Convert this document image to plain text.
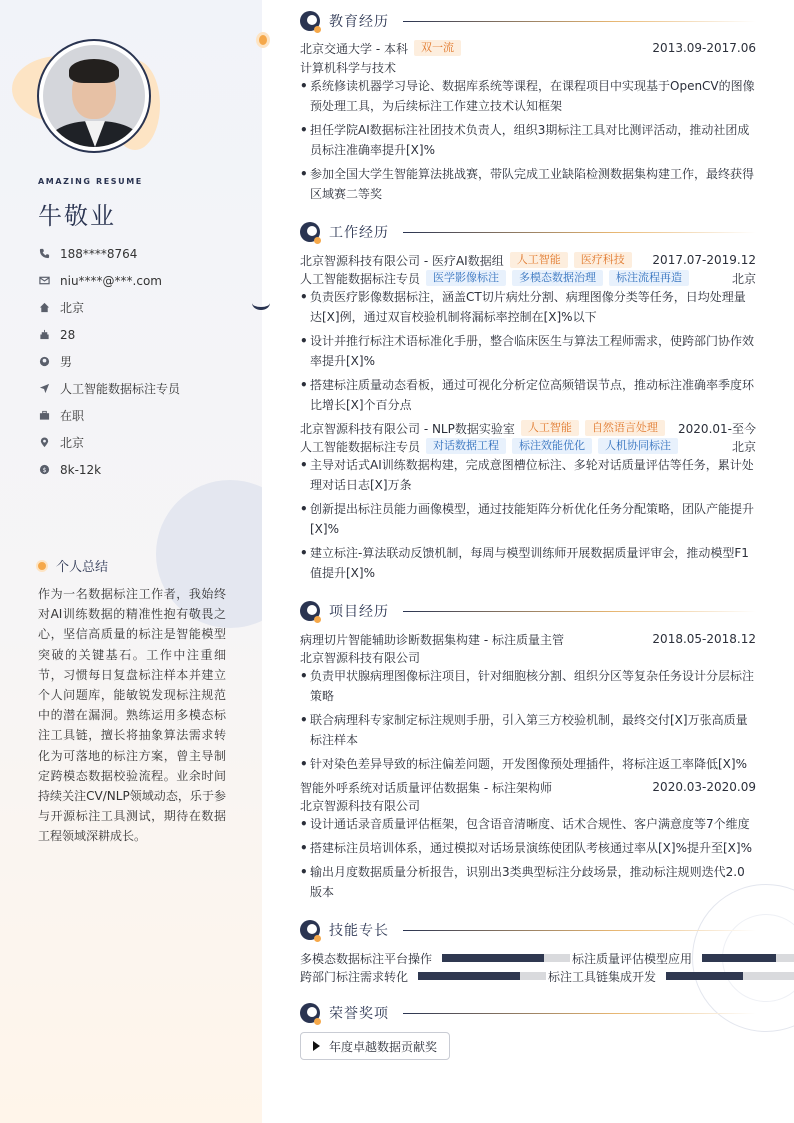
AMAZING RESUME
牛敬业
188****8764
niu****@***.com
北京
28
男
人工智能数据标注专员
在职
北京
$ 8k-12k
个人总结
作为一名数据标注工作者，我始终对AI训练数据的精准性抱有敬畏之心，坚信高质量的标注是智能模型突破的关键基石。工作中注重细节，习惯每日复盘标注样本并建立个人问题库，能敏锐发现标注规范中的潜在漏洞。熟练运用多模态标注工具链，擅长将抽象算法需求转化为可落地的标注方案，曾主导制定跨模态数据校验流程。业余时间持续关注CV/NLP领域动态，乐于参与开源标注工具测试，期待在数据工程领域深耕成长。
教育经历
北京交通大学 - 本科	双一流	2013.09-2017.06
计算机科学与技术
• 系统修读机器学习导论、数据库系统等课程，在课程项目中实现基于OpenCV的图像预处理工具，为后续标注工作建立技术认知框架
• 担任学院AI数据标注社团技术负责人，组织3期标注工具对比测评活动，推动社团成员标注准确率提升[X]%
• 参加全国大学生智能算法挑战赛，带队完成工业缺陷检测数据集构建工作，最终获得区域赛二等奖
工作经历
北京智源科技有限公司 - 医疗AI数据组	人工智能	医疗科技	2017.07-2019.12
人工智能数据标注专员	医学影像标注	多模态数据治理	标注流程再造	北京
• 负责医疗影像数据标注，涵盖CT切片病灶分割、病理图像分类等任务，日均处理量达[X]例，通过双盲校验机制将漏标率控制在[X]%以下
• 设计并推行标注术语标准化手册，整合临床医生与算法工程师需求，使跨部门协作效率提升[X]%
• 搭建标注质量动态看板，通过可视化分析定位高频错误节点，推动标注准确率季度环比增长[X]个百分点
北京智源科技有限公司 - NLP数据实验室	人工智能	自然语言处理	2020.01-至今
人工智能数据标注专员	对话数据工程	标注效能优化	人机协同标注	北京
• 主导对话式AI训练数据构建，完成意图槽位标注、多轮对话质量评估等任务，累计处理对话日志[X]万条
• 创新提出标注员能力画像模型，通过技能矩阵分析优化任务分配策略，团队产能提升[X]%
• 建立标注-算法联动反馈机制，每周与模型训练师开展数据质量评审会，推动模型F1值提升[X]%
项目经历
病理切片智能辅助诊断数据集构建 - 标注质量主管	2018.05-2018.12
北京智源科技有限公司
• 负责甲状腺病理图像标注项目，针对细胞核分割、组织分区等复杂任务设计分层标注策略
• 联合病理科专家制定标注规则手册，引入第三方校验机制，最终交付[X]万张高质量标注样本
• 针对染色差异导致的标注偏差问题，开发图像预处理插件，将标注返工率降低[X]%
智能外呼系统对话质量评估数据集 - 标注架构师	2020.03-2020.09
北京智源科技有限公司
• 设计通话录音质量评估框架，包含语音清晰度、话术合规性、客户满意度等7个维度
• 搭建标注员培训体系，通过模拟对话场景演练使团队考核通过率从[X]%提升至[X]%
• 输出月度数据质量分析报告，识别出3类典型标注分歧场景，推动标注规则迭代2.0版本
技能专长
多模态数据标注平台操作	标注质量评估模型应用
跨部门标注需求转化	标注工具链集成开发
荣誉奖项
年度卓越数据贡献奖
